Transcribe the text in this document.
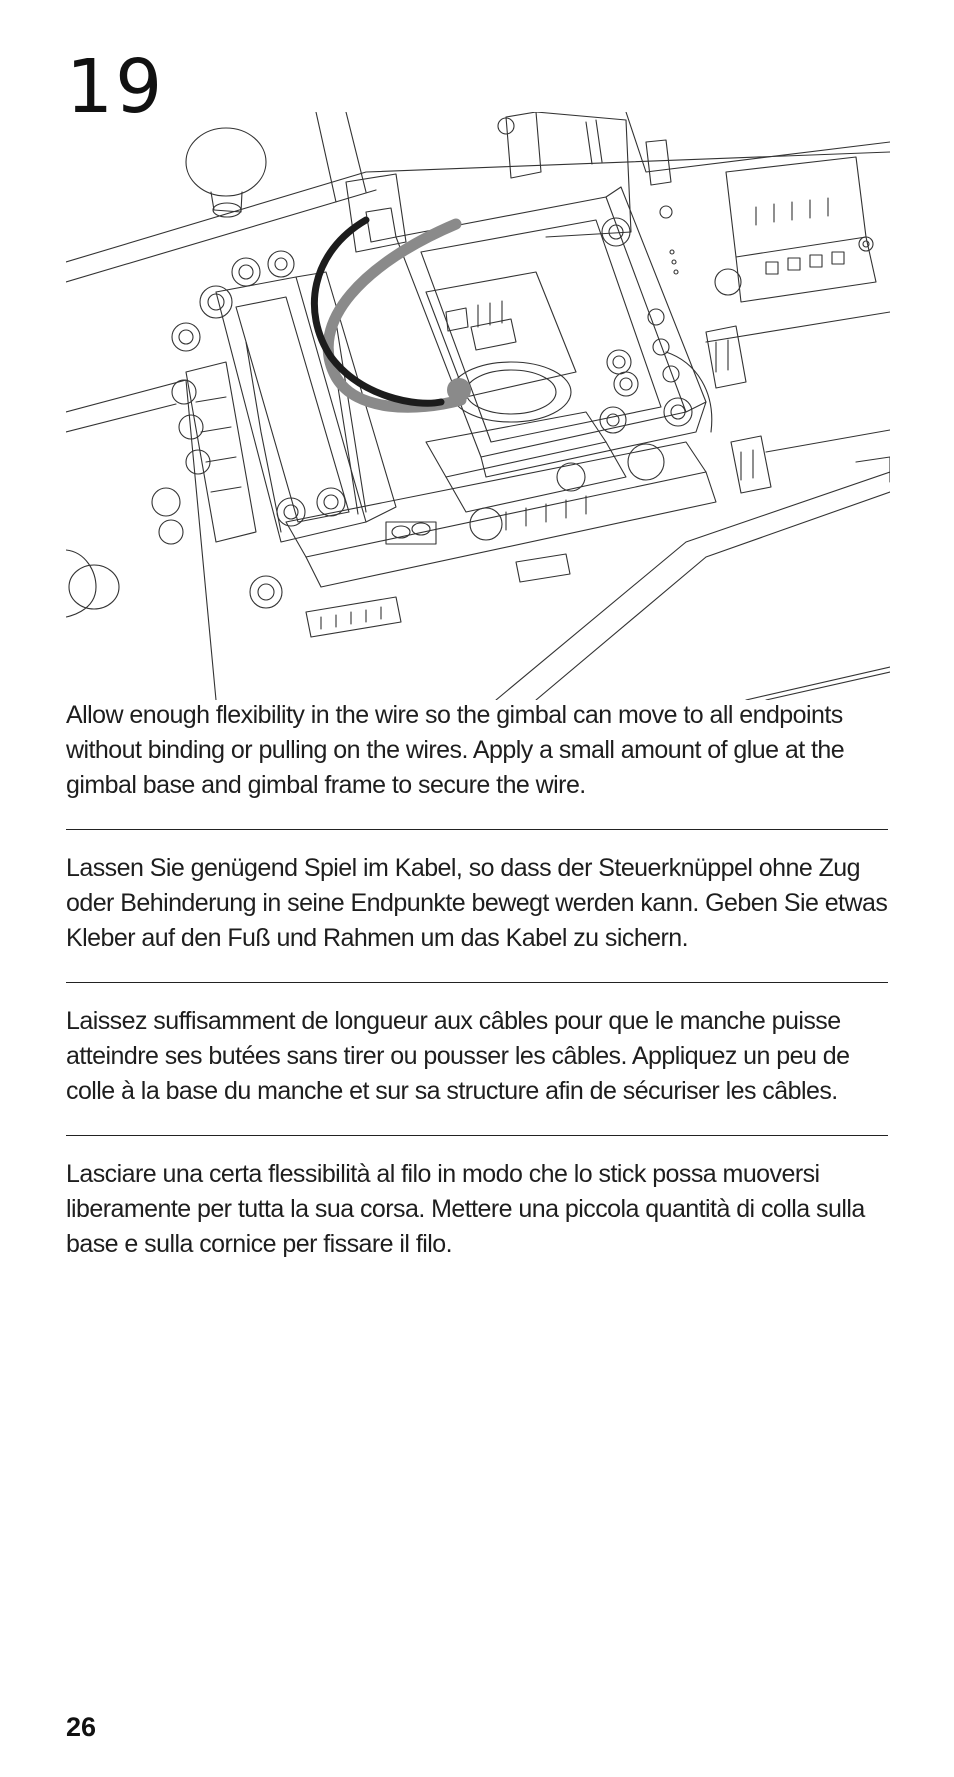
19

Allow enough flexibility in the wire so the gimbal can move to all endpoints without binding or pulling on the wires. Apply a small amount of glue at the gimbal base and gimbal frame to secure the wire.

Lassen Sie genügend Spiel im Kabel, so dass der Steuerknüppel ohne Zug oder Behinderung in seine Endpunkte bewegt werden kann. Geben Sie etwas Kleber auf den Fuß und Rahmen um das Kabel zu sichern.

Laissez suffisamment de longueur aux câbles pour que le manche puisse atteindre ses butées sans tirer ou pousser les câbles. Appliquez un peu de colle à la base du manche et sur sa structure afin de sécuriser les câbles.

Lasciare una certa flessibilità al filo in modo che lo stick possa muoversi liberamente per tutta la sua corsa. Mettere una piccola quantità di colla sulla base e sulla cornice per fissare il filo.

26
